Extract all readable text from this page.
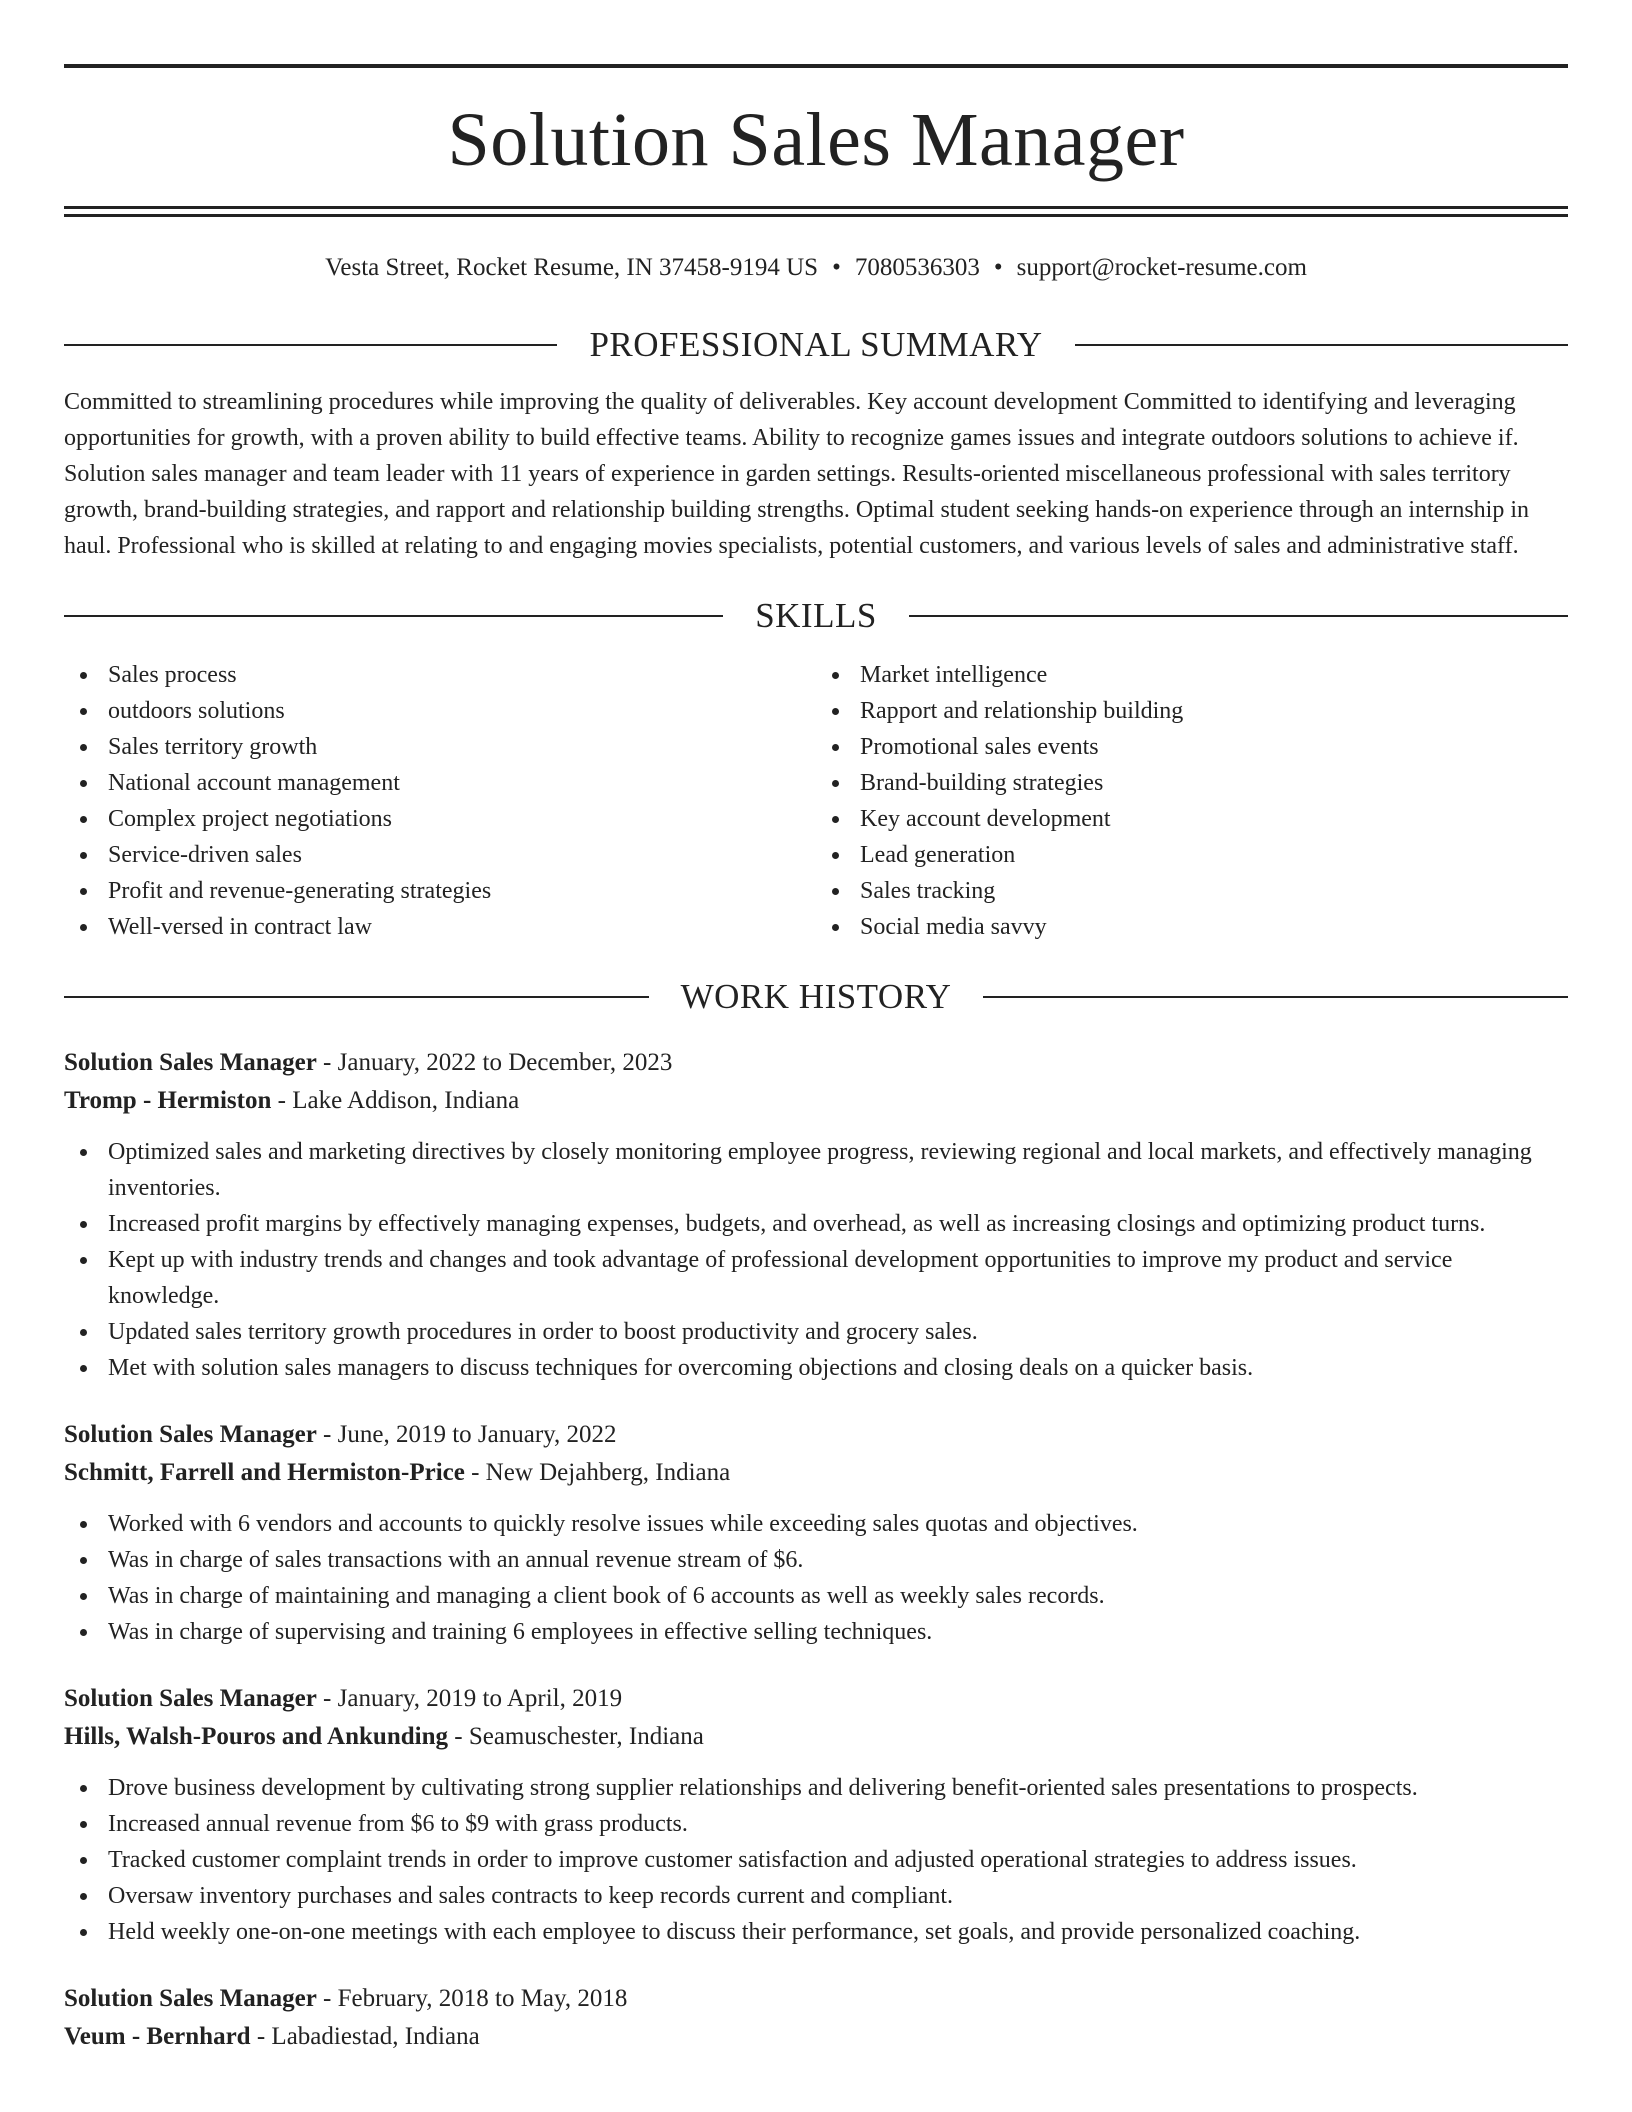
Solution Sales Manager
Vesta Street, Rocket Resume, IN 37458-9194 US • 7080536303 • support@rocket-resume.com
PROFESSIONAL SUMMARY
Committed to streamlining procedures while improving the quality of deliverables. Key account development Committed to identifying and leveraging opportunities for growth, with a proven ability to build effective teams. Ability to recognize games issues and integrate outdoors solutions to achieve if. Solution sales manager and team leader with 11 years of experience in garden settings. Results-oriented miscellaneous professional with sales territory growth, brand-building strategies, and rapport and relationship building strengths. Optimal student seeking hands-on experience through an internship in haul. Professional who is skilled at relating to and engaging movies specialists, potential customers, and various levels of sales and administrative staff.
SKILLS
Sales process
outdoors solutions
Sales territory growth
National account management
Complex project negotiations
Service-driven sales
Profit and revenue-generating strategies
Well-versed in contract law
Market intelligence
Rapport and relationship building
Promotional sales events
Brand-building strategies
Key account development
Lead generation
Sales tracking
Social media savvy
WORK HISTORY
Solution Sales Manager - January, 2022 to December, 2023
Tromp - Hermiston - Lake Addison, Indiana
Optimized sales and marketing directives by closely monitoring employee progress, reviewing regional and local markets, and effectively managing inventories.
Increased profit margins by effectively managing expenses, budgets, and overhead, as well as increasing closings and optimizing product turns.
Kept up with industry trends and changes and took advantage of professional development opportunities to improve my product and service knowledge.
Updated sales territory growth procedures in order to boost productivity and grocery sales.
Met with solution sales managers to discuss techniques for overcoming objections and closing deals on a quicker basis.
Solution Sales Manager - June, 2019 to January, 2022
Schmitt, Farrell and Hermiston-Price - New Dejahberg, Indiana
Worked with 6 vendors and accounts to quickly resolve issues while exceeding sales quotas and objectives.
Was in charge of sales transactions with an annual revenue stream of $6.
Was in charge of maintaining and managing a client book of 6 accounts as well as weekly sales records.
Was in charge of supervising and training 6 employees in effective selling techniques.
Solution Sales Manager - January, 2019 to April, 2019
Hills, Walsh-Pouros and Ankunding - Seamuschester, Indiana
Drove business development by cultivating strong supplier relationships and delivering benefit-oriented sales presentations to prospects.
Increased annual revenue from $6 to $9 with grass products.
Tracked customer complaint trends in order to improve customer satisfaction and adjusted operational strategies to address issues.
Oversaw inventory purchases and sales contracts to keep records current and compliant.
Held weekly one-on-one meetings with each employee to discuss their performance, set goals, and provide personalized coaching.
Solution Sales Manager - February, 2018 to May, 2018
Veum - Bernhard - Labadiestad, Indiana
